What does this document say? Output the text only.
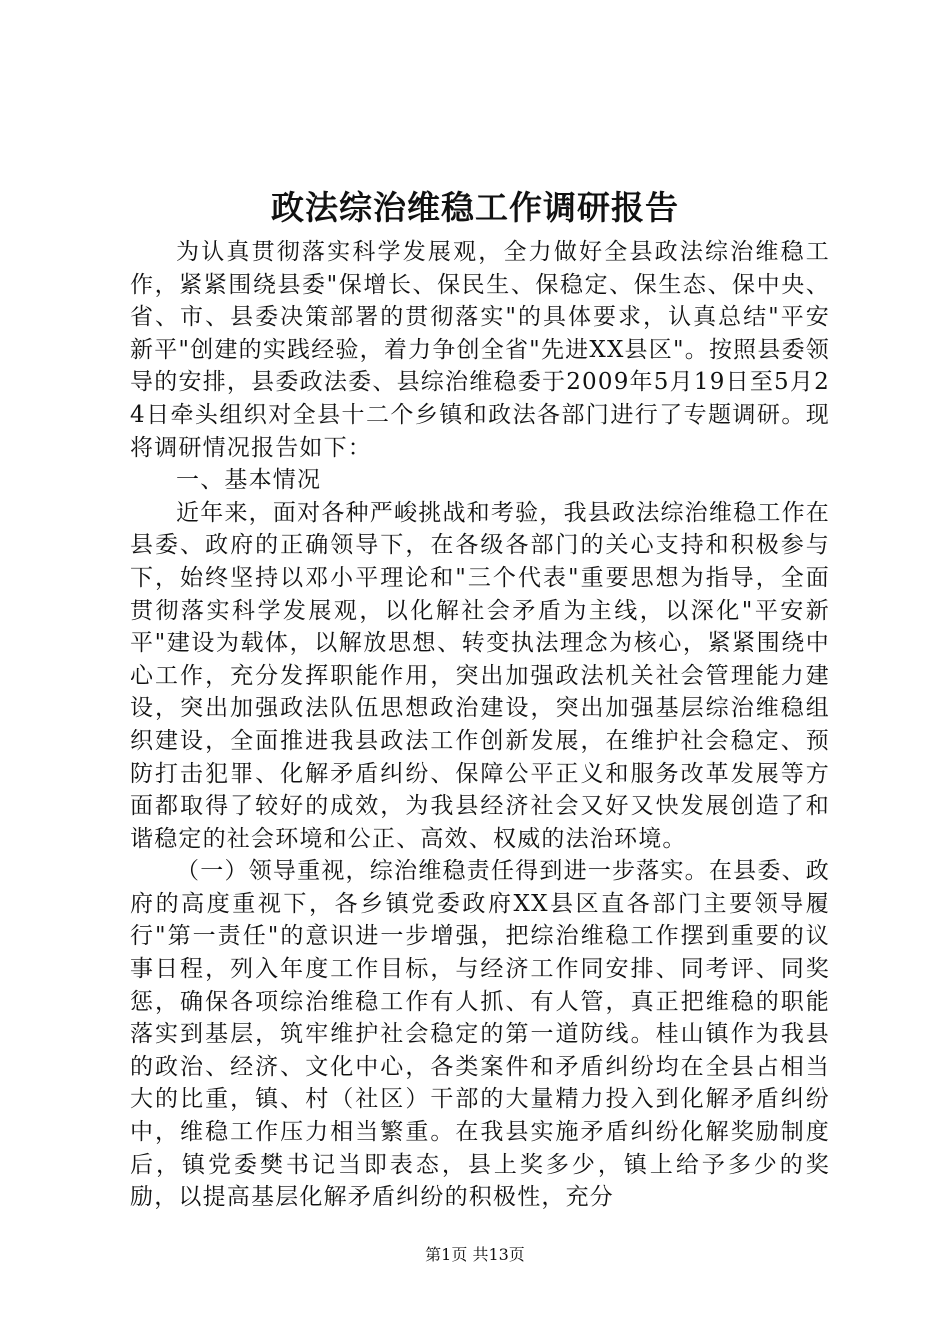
政法综治维稳工作调研报告

为认真贯彻落实科学发展观，全力做好全县政法综治维稳工作，紧紧围绕县委"保增长、保民生、保稳定、保生态、保中央、省、市、县委决策部署的贯彻落实"的具体要求，认真总结"平安新平"创建的实践经验，着力争创全省"先进XX县区"。按照县委领导的安排，县委政法委、县综治维稳委于2009年5月19日至5月24日牵头组织对全县十二个乡镇和政法各部门进行了专题调研。现将调研情况报告如下：

一、基本情况

近年来，面对各种严峻挑战和考验，我县政法综治维稳工作在县委、政府的正确领导下，在各级各部门的关心支持和积极参与下，始终坚持以邓小平理论和"三个代表"重要思想为指导，全面贯彻落实科学发展观，以化解社会矛盾为主线，以深化"平安新平"建设为载体，以解放思想、转变执法理念为核心，紧紧围绕中心工作，充分发挥职能作用，突出加强政法机关社会管理能力建设，突出加强政法队伍思想政治建设，突出加强基层综治维稳组织建设，全面推进我县政法工作创新发展，在维护社会稳定、预防打击犯罪、化解矛盾纠纷、保障公平正义和服务改革发展等方面都取得了较好的成效，为我县经济社会又好又快发展创造了和谐稳定的社会环境和公正、高效、权威的法治环境。

（一）领导重视，综治维稳责任得到进一步落实。在县委、政府的高度重视下，各乡镇党委政府XX县区直各部门主要领导履行"第一责任"的意识进一步增强，把综治维稳工作摆到重要的议事日程，列入年度工作目标，与经济工作同安排、同考评、同奖惩，确保各项综治维稳工作有人抓、有人管，真正把维稳的职能落实到基层，筑牢维护社会稳定的第一道防线。桂山镇作为我县的政治、经济、文化中心，各类案件和矛盾纠纷均在全县占相当大的比重，镇、村（社区）干部的大量精力投入到化解矛盾纠纷中，维稳工作压力相当繁重。在我县实施矛盾纠纷化解奖励制度后，镇党委樊书记当即表态，县上奖多少，镇上给予多少的奖励，以提高基层化解矛盾纠纷的积极性，充分

第1页 共13页
